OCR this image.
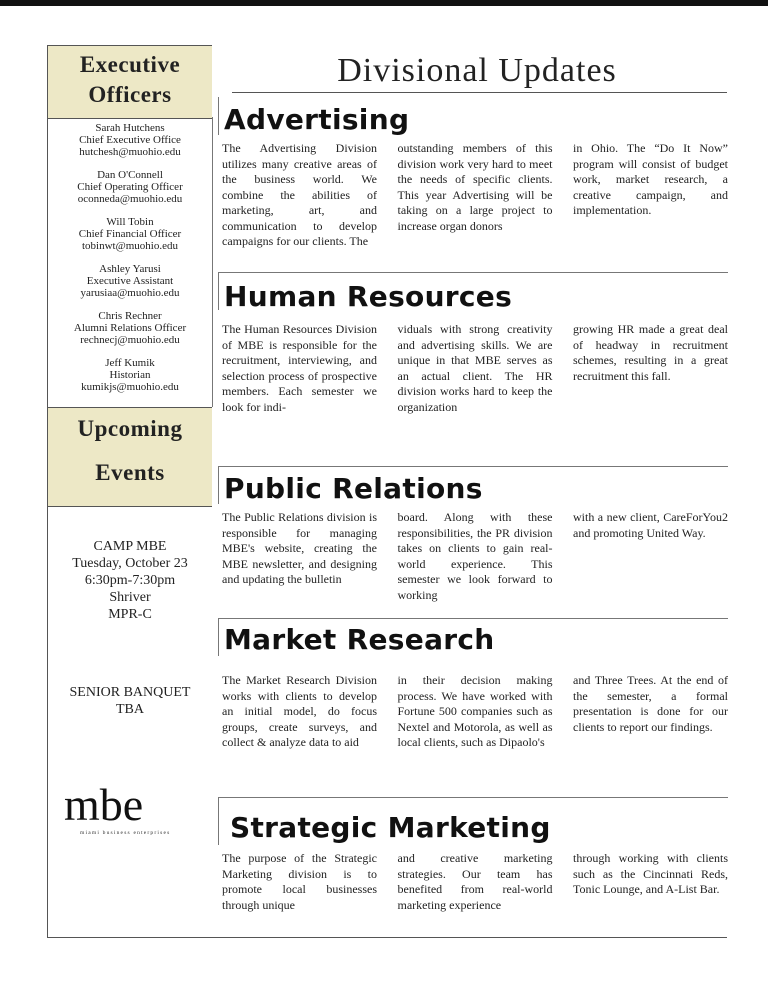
Executive
Officers
Sarah Hutchens
Chief Executive Office
hutchesh@muohio.edu
Dan O'Connell
Chief Operating Officer
oconneda@muohio.edu
Will Tobin
Chief Financial Officer
tobinwt@muohio.edu
Ashley Yarusi
Executive Assistant
yarusiaa@muohio.edu
Chris Rechner
Alumni Relations Officer
rechnecj@muohio.edu
Jeff Kumik
Historian
kumikjs@muohio.edu
Upcoming
Events
CAMP MBE
Tuesday, October 23
6:30pm-7:30pm
Shriver
MPR-C
SENIOR BANQUET
TBA
mbe
miami business enterprises
Divisional Updates
Advertising
The Advertising Division utilizes many creative areas of the business world. We combine the abilities of marketing, art, and communication to develop campaigns for our clients. The
outstanding members of this division work very hard to meet the needs of specific clients. This year Advertising will be taking on a large project to increase organ donors
in Ohio. The “Do It Now” program will consist of budget work, market research, a creative campaign, and implementation.
Human Resources
The Human Resources Division of MBE is responsible for the recruitment, interviewing, and selection process of prospective members. Each semester we look for indi-
viduals with strong creativity and advertising skills. We are unique in that MBE serves as an actual client. The HR division works hard to keep the organization
growing HR made a great deal of headway in recruitment schemes, resulting in a great recruitment this fall.
Public Relations
The Public Relations division is responsible for managing MBE's website, creating the MBE newsletter, and designing and updating the bulletin
board. Along with these responsibilities, the PR division takes on clients to gain real-world experience. This semester we look forward to working
with a new client, CareForYou2 and promoting United Way.
Market Research
The Market Research Division works with clients to develop an initial model, do focus groups, create surveys, and collect & analyze data to aid
in their decision making process. We have worked with Fortune 500 companies such as Nextel and Motorola, as well as local clients, such as Dipaolo's
and Three Trees. At the end of the semester, a formal presentation is done for our clients to report our findings.
Strategic Marketing
The purpose of the Strategic Marketing division is to promote local businesses through unique
and creative marketing strategies. Our team has benefited from real-world marketing experience
through working with clients such as the Cincinnati Reds, Tonic Lounge, and A-List Bar.
